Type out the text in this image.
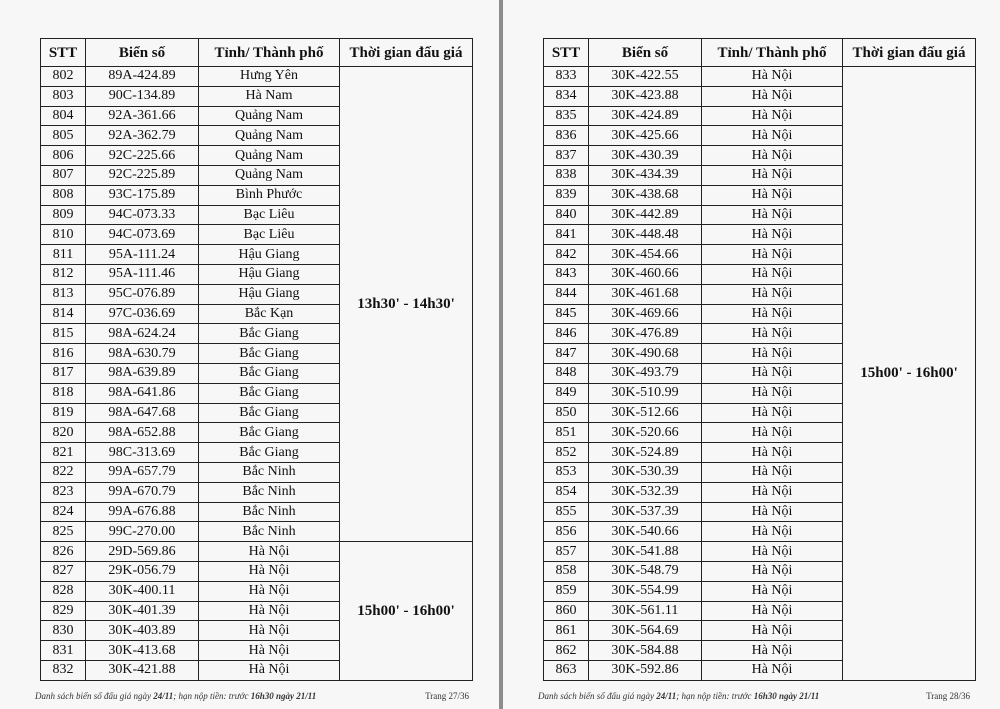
STT	Biển số	Tỉnh/ Thành phố	Thời gian đấu giá
802	89A-424.89	Hưng Yên	13h30' - 14h30'
803	90C-134.89	Hà Nam	
804	92A-361.66	Quảng Nam	
805	92A-362.79	Quảng Nam	
806	92C-225.66	Quảng Nam	
807	92C-225.89	Quảng Nam	
808	93C-175.89	Bình Phước	
809	94C-073.33	Bạc Liêu	
810	94C-073.69	Bạc Liêu	
811	95A-111.24	Hậu Giang	
812	95A-111.46	Hậu Giang	
813	95C-076.89	Hậu Giang	
814	97C-036.69	Bắc Kạn	
815	98A-624.24	Bắc Giang	
816	98A-630.79	Bắc Giang	
817	98A-639.89	Bắc Giang	
818	98A-641.86	Bắc Giang	
819	98A-647.68	Bắc Giang	
820	98A-652.88	Bắc Giang	
821	98C-313.69	Bắc Giang	
822	99A-657.79	Bắc Ninh	
823	99A-670.79	Bắc Ninh	
824	99A-676.88	Bắc Ninh	
825	99C-270.00	Bắc Ninh	
826	29D-569.86	Hà Nội	15h00' - 16h00'
827	29K-056.79	Hà Nội	
828	30K-400.11	Hà Nội	
829	30K-401.39	Hà Nội	
830	30K-403.89	Hà Nội	
831	30K-413.68	Hà Nội	
832	30K-421.88	Hà Nội	
Danh sách biển số đấu giá ngày 24/11; hạn nộp tiền: trước 16h30 ngày 21/11	Trang 27/36
STT	Biển số	Tỉnh/ Thành phố	Thời gian đấu giá
833	30K-422.55	Hà Nội	15h00' - 16h00'
834	30K-423.88	Hà Nội	
835	30K-424.89	Hà Nội	
836	30K-425.66	Hà Nội	
837	30K-430.39	Hà Nội	
838	30K-434.39	Hà Nội	
839	30K-438.68	Hà Nội	
840	30K-442.89	Hà Nội	
841	30K-448.48	Hà Nội	
842	30K-454.66	Hà Nội	
843	30K-460.66	Hà Nội	
844	30K-461.68	Hà Nội	
845	30K-469.66	Hà Nội	
846	30K-476.89	Hà Nội	
847	30K-490.68	Hà Nội	
848	30K-493.79	Hà Nội	
849	30K-510.99	Hà Nội	
850	30K-512.66	Hà Nội	
851	30K-520.66	Hà Nội	
852	30K-524.89	Hà Nội	
853	30K-530.39	Hà Nội	
854	30K-532.39	Hà Nội	
855	30K-537.39	Hà Nội	
856	30K-540.66	Hà Nội	
857	30K-541.88	Hà Nội	
858	30K-548.79	Hà Nội	
859	30K-554.99	Hà Nội	
860	30K-561.11	Hà Nội	
861	30K-564.69	Hà Nội	
862	30K-584.88	Hà Nội	
863	30K-592.86	Hà Nội	
Danh sách biển số đấu giá ngày 24/11; hạn nộp tiền: trước 16h30 ngày 21/11	Trang 28/36
